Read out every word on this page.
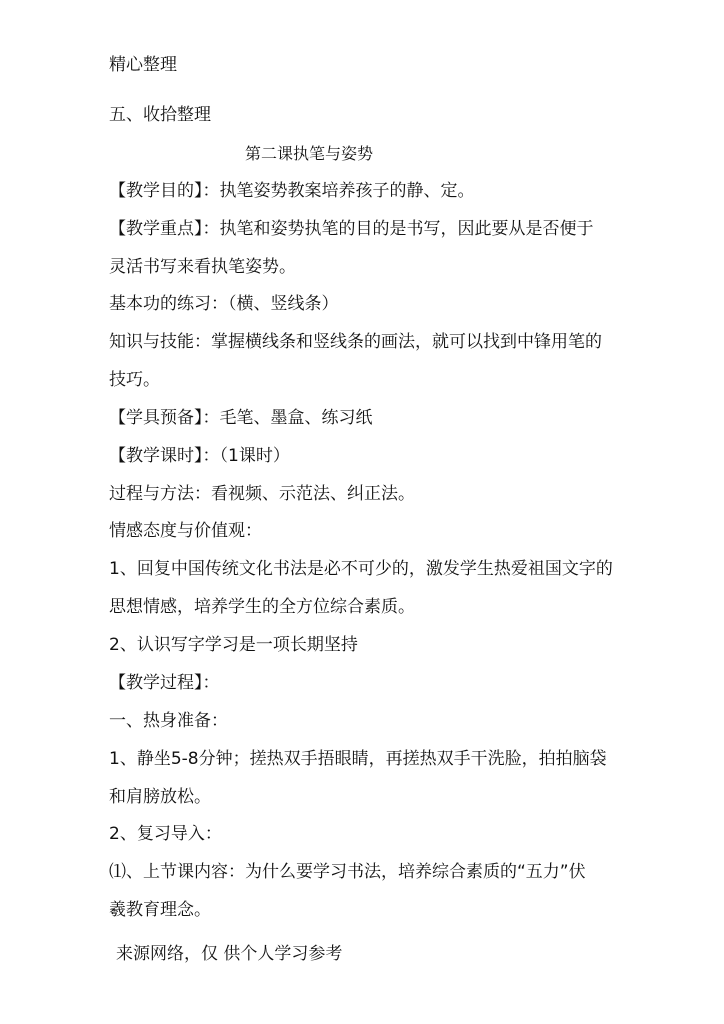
精心整理
五、收拾整理
第二课执笔与姿势
【教学目的】：执笔姿势教案培养孩子的静、定。
【教学重点】：执笔和姿势执笔的目的是书写，因此要从是否便于
灵活书写来看执笔姿势。
基本功的练习：（横、竖线条）
知识与技能：掌握横线条和竖线条的画法，就可以找到中锋用笔的
技巧。
【学具预备】：毛笔、墨盒、练习纸
【教学课时】：（1课时）
过程与方法：看视频、示范法、纠正法。
情感态度与价值观：
1、回复中国传统文化书法是必不可少的，激发学生热爱祖国文字的
思想情感，培养学生的全方位综合素质。
2、认识写字学习是一项长期坚持
【教学过程】：
一、热身准备：
1、静坐5-8分钟；搓热双手捂眼睛，再搓热双手干洗脸，拍拍脑袋
和肩膀放松。
2、复习导入：
⑴、上节课内容：为什么要学习书法，培养综合素质的“五力”伏
羲教育理念。
来源网络，仅 供个人学习参考
